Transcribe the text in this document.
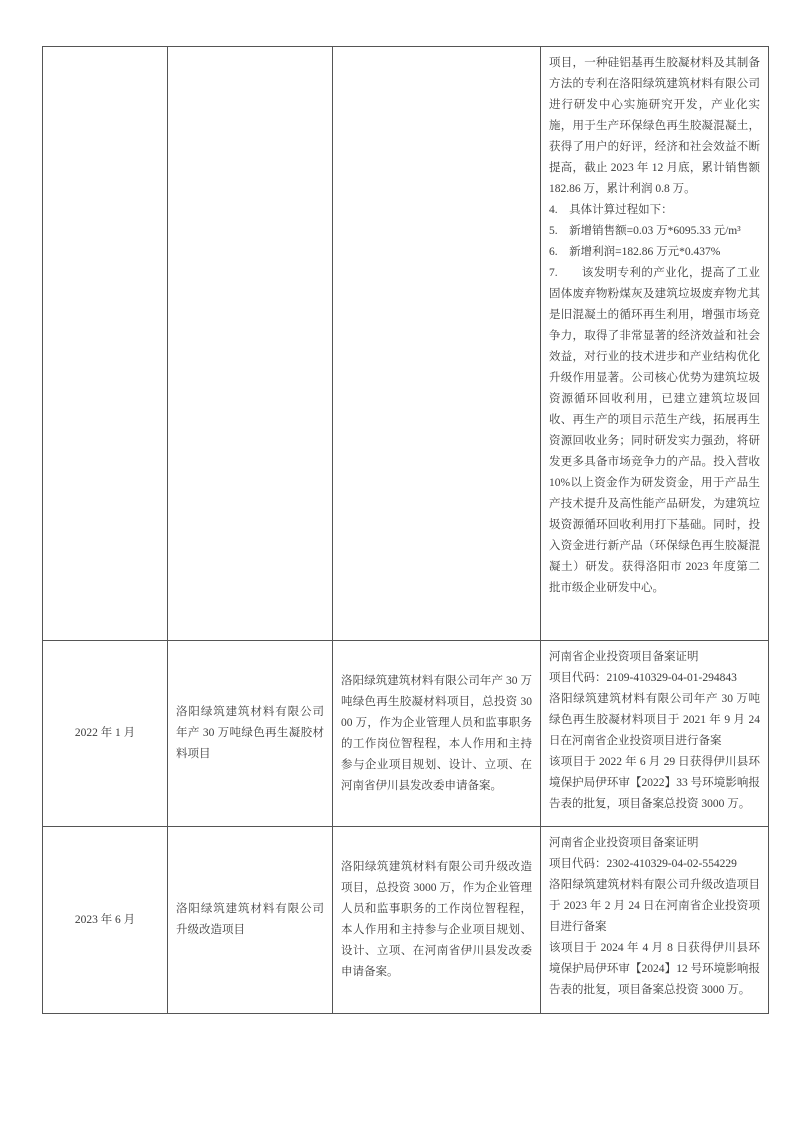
			项目，一种硅铝基再生胶凝材料及其制备方法的专利在洛阳绿筑建筑材料有限公司进行研发中心实施研究开发，产业化实施，用于生产环保绿色再生胶凝混凝土，获得了用户的好评，经济和社会效益不断提高，截止 2023 年 12 月底，累计销售额 182.86 万，累计利润 0.8 万。

4.　具体计算过程如下：

5.　新增销售额=0.03 万*6095.33 元/m³

6.　新增利润=182.86 万元*0.437%

7.　　该发明专利的产业化，提高了工业固体废弃物粉煤灰及建筑垃圾废弃物尤其是旧混凝土的循环再生利用，增强市场竞争力，取得了非常显著的经济效益和社会效益，对行业的技术进步和产业结构优化升级作用显著。公司核心优势为建筑垃圾资源循环回收利用，已建立建筑垃圾回收、再生产的项目示范生产线，拓展再生资源回收业务；同时研发实力强劲，将研发更多具备市场竞争力的产品。投入营收10%以上资金作为研发资金，用于产品生产技术提升及高性能产品研发，为建筑垃圾资源循环回收利用打下基础。同时，投入资金进行新产品（环保绿色再生胶凝混凝土）研发。获得洛阳市 2023 年度第二批市级企业研发中心。

2022 年 1 月	洛阳绿筑建筑材料有限公司年产 30 万吨绿色再生凝胶材料项目	洛阳绿筑建筑材料有限公司年产 30 万吨绿色再生胶凝材料项目，总投资 3000 万，作为企业管理人员和监事职务的工作岗位智程程，本人作用和主持参与企业项目规划、设计、立项、在河南省伊川县发改委申请备案。	河南省企业投资项目备案证明

项目代码：2109-410329-04-01-294843

洛阳绿筑建筑材料有限公司年产 30 万吨绿色再生胶凝材料项目于 2021 年 9 月 24 日在河南省企业投资项目进行备案

该项目于 2022 年 6 月 29 日获得伊川县环境保护局伊环审【2022】33 号环境影响报告表的批复，项目备案总投资 3000 万。

2023 年 6 月	洛阳绿筑建筑材料有限公司升级改造项目	洛阳绿筑建筑材料有限公司升级改造项目，总投资 3000 万，作为企业管理人员和监事职务的工作岗位智程程，本人作用和主持参与企业项目规划、设计、立项、在河南省伊川县发改委申请备案。	河南省企业投资项目备案证明

项目代码：2302-410329-04-02-554229

洛阳绿筑建筑材料有限公司升级改造项目于 2023 年 2 月 24 日在河南省企业投资项目进行备案

该项目于 2024 年 4 月 8 日获得伊川县环境保护局伊环审【2024】12 号环境影响报告表的批复，项目备案总投资 3000 万。
